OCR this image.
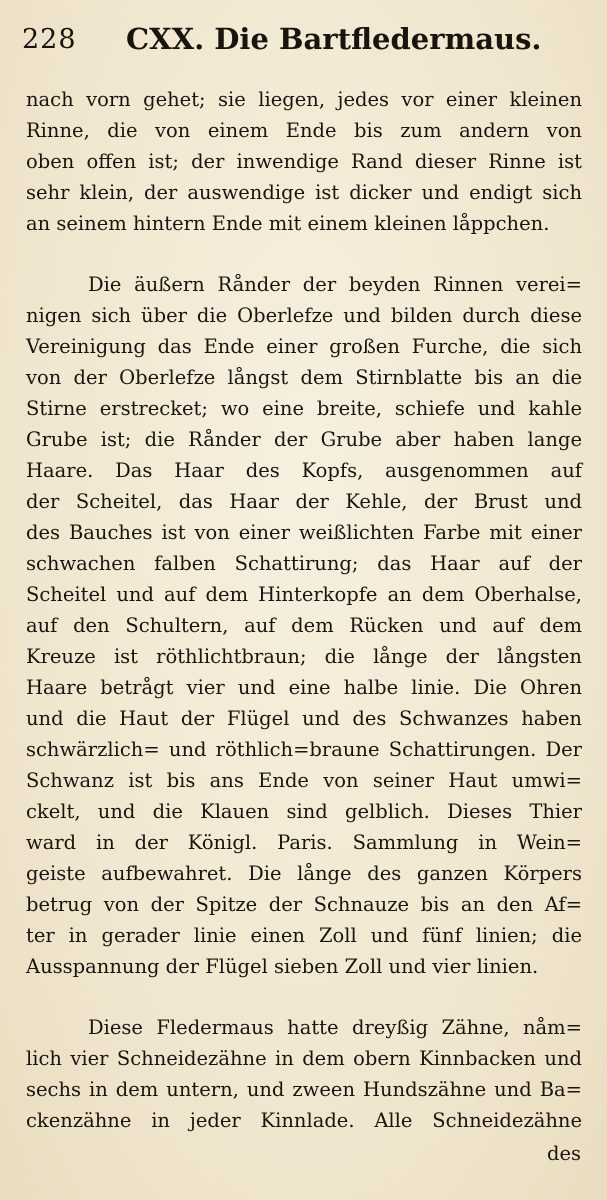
228 CXX. Die Bartfledermaus.
nach vorn gehet; sie liegen, jedes vor einer kleinen
Rinne, die von einem Ende bis zum andern von
oben offen ist; der inwendige Rand dieser Rinne ist
sehr klein, der auswendige ist dicker und endigt sich
an seinem hintern Ende mit einem kleinen låppchen.
Die äußern Rånder der beyden Rinnen verei=
nigen sich über die Oberlefze und bilden durch diese
Vereinigung das Ende einer großen Furche, die sich
von der Oberlefze långst dem Stirnblatte bis an die
Stirne erstrecket; wo eine breite, schiefe und kahle
Grube ist; die Rånder der Grube aber haben lange
Haare. Das Haar des Kopfs, ausgenommen auf
der Scheitel, das Haar der Kehle, der Brust und
des Bauches ist von einer weißlichten Farbe mit einer
schwachen falben Schattirung; das Haar auf der
Scheitel und auf dem Hinterkopfe an dem Oberhalse,
auf den Schultern, auf dem Rücken und auf dem
Kreuze ist röthlichtbraun; die långe der långsten
Haare betrågt vier und eine halbe linie. Die Ohren
und die Haut der Flügel und des Schwanzes haben
schwärzlich= und röthlich=braune Schattirungen. Der
Schwanz ist bis ans Ende von seiner Haut umwi=
ckelt, und die Klauen sind gelblich. Dieses Thier
ward in der Königl. Paris. Sammlung in Wein=
geiste aufbewahret. Die långe des ganzen Körpers
betrug von der Spitze der Schnauze bis an den Af=
ter in gerader linie einen Zoll und fünf linien; die
Ausspannung der Flügel sieben Zoll und vier linien.
Diese Fledermaus hatte dreyßig Zähne, nåm=
lich vier Schneidezähne in dem obern Kinnbacken und
sechs in dem untern, und zween Hundszähne und Ba=
ckenzähne in jeder Kinnlade. Alle Schneidezähne
des
